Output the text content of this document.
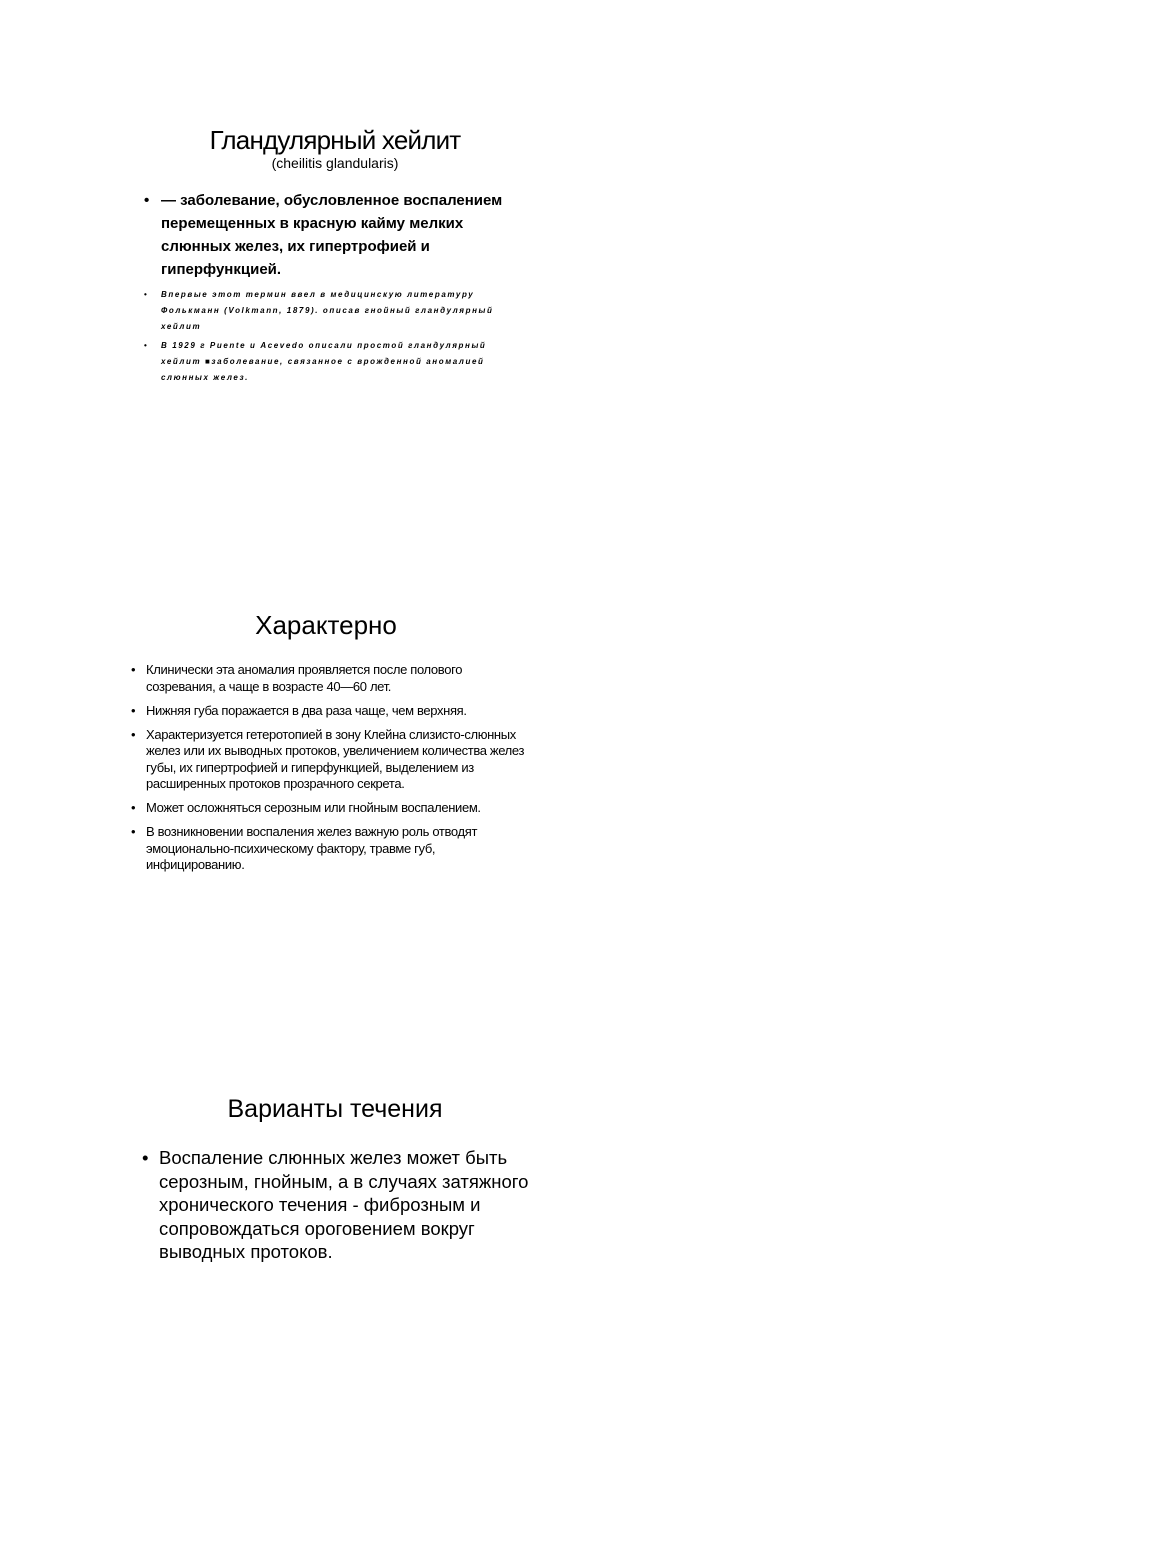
Гландулярный хейлит
(cheilitis glandularis)
• — заболевание, обусловленное воспалением перемещенных в красную кайму мелких слюнных желез, их гипертрофией и гиперфункцией.
• Впервые этот термин ввел в медицинскую литературу Фолькманн (Volkmann, 1879). описав гнойный гландулярный хейлит
• В 1929 г Puente и Acevedo описали простой гландулярный хейлит ■заболевание, связанное с врожденной аномалией слюнных желез.
Характерно
• Клинически эта аномалия проявляется после полового созревания, а чаще в возрасте 40—60 лет.
• Нижняя губа поражается в два раза чаще, чем верхняя.
• Характеризуется гетеротопией в зону Клейна слизисто-слюнных желез или их выводных протоков, увеличением количества желез губы, их гипертрофией и гиперфункцией, выделением из расширенных протоков прозрачного секрета.
• Может осложняться серозным или гнойным воспалением.
• В возникновении воспаления желез важную роль отводят эмоционально-психическому фактору, травме губ, инфицированию.
Варианты течения
• Воспаление слюнных желез может быть серозным, гнойным, а в случаях затяжного хронического течения - фиброзным и сопровождаться ороговением вокруг выводных протоков.
